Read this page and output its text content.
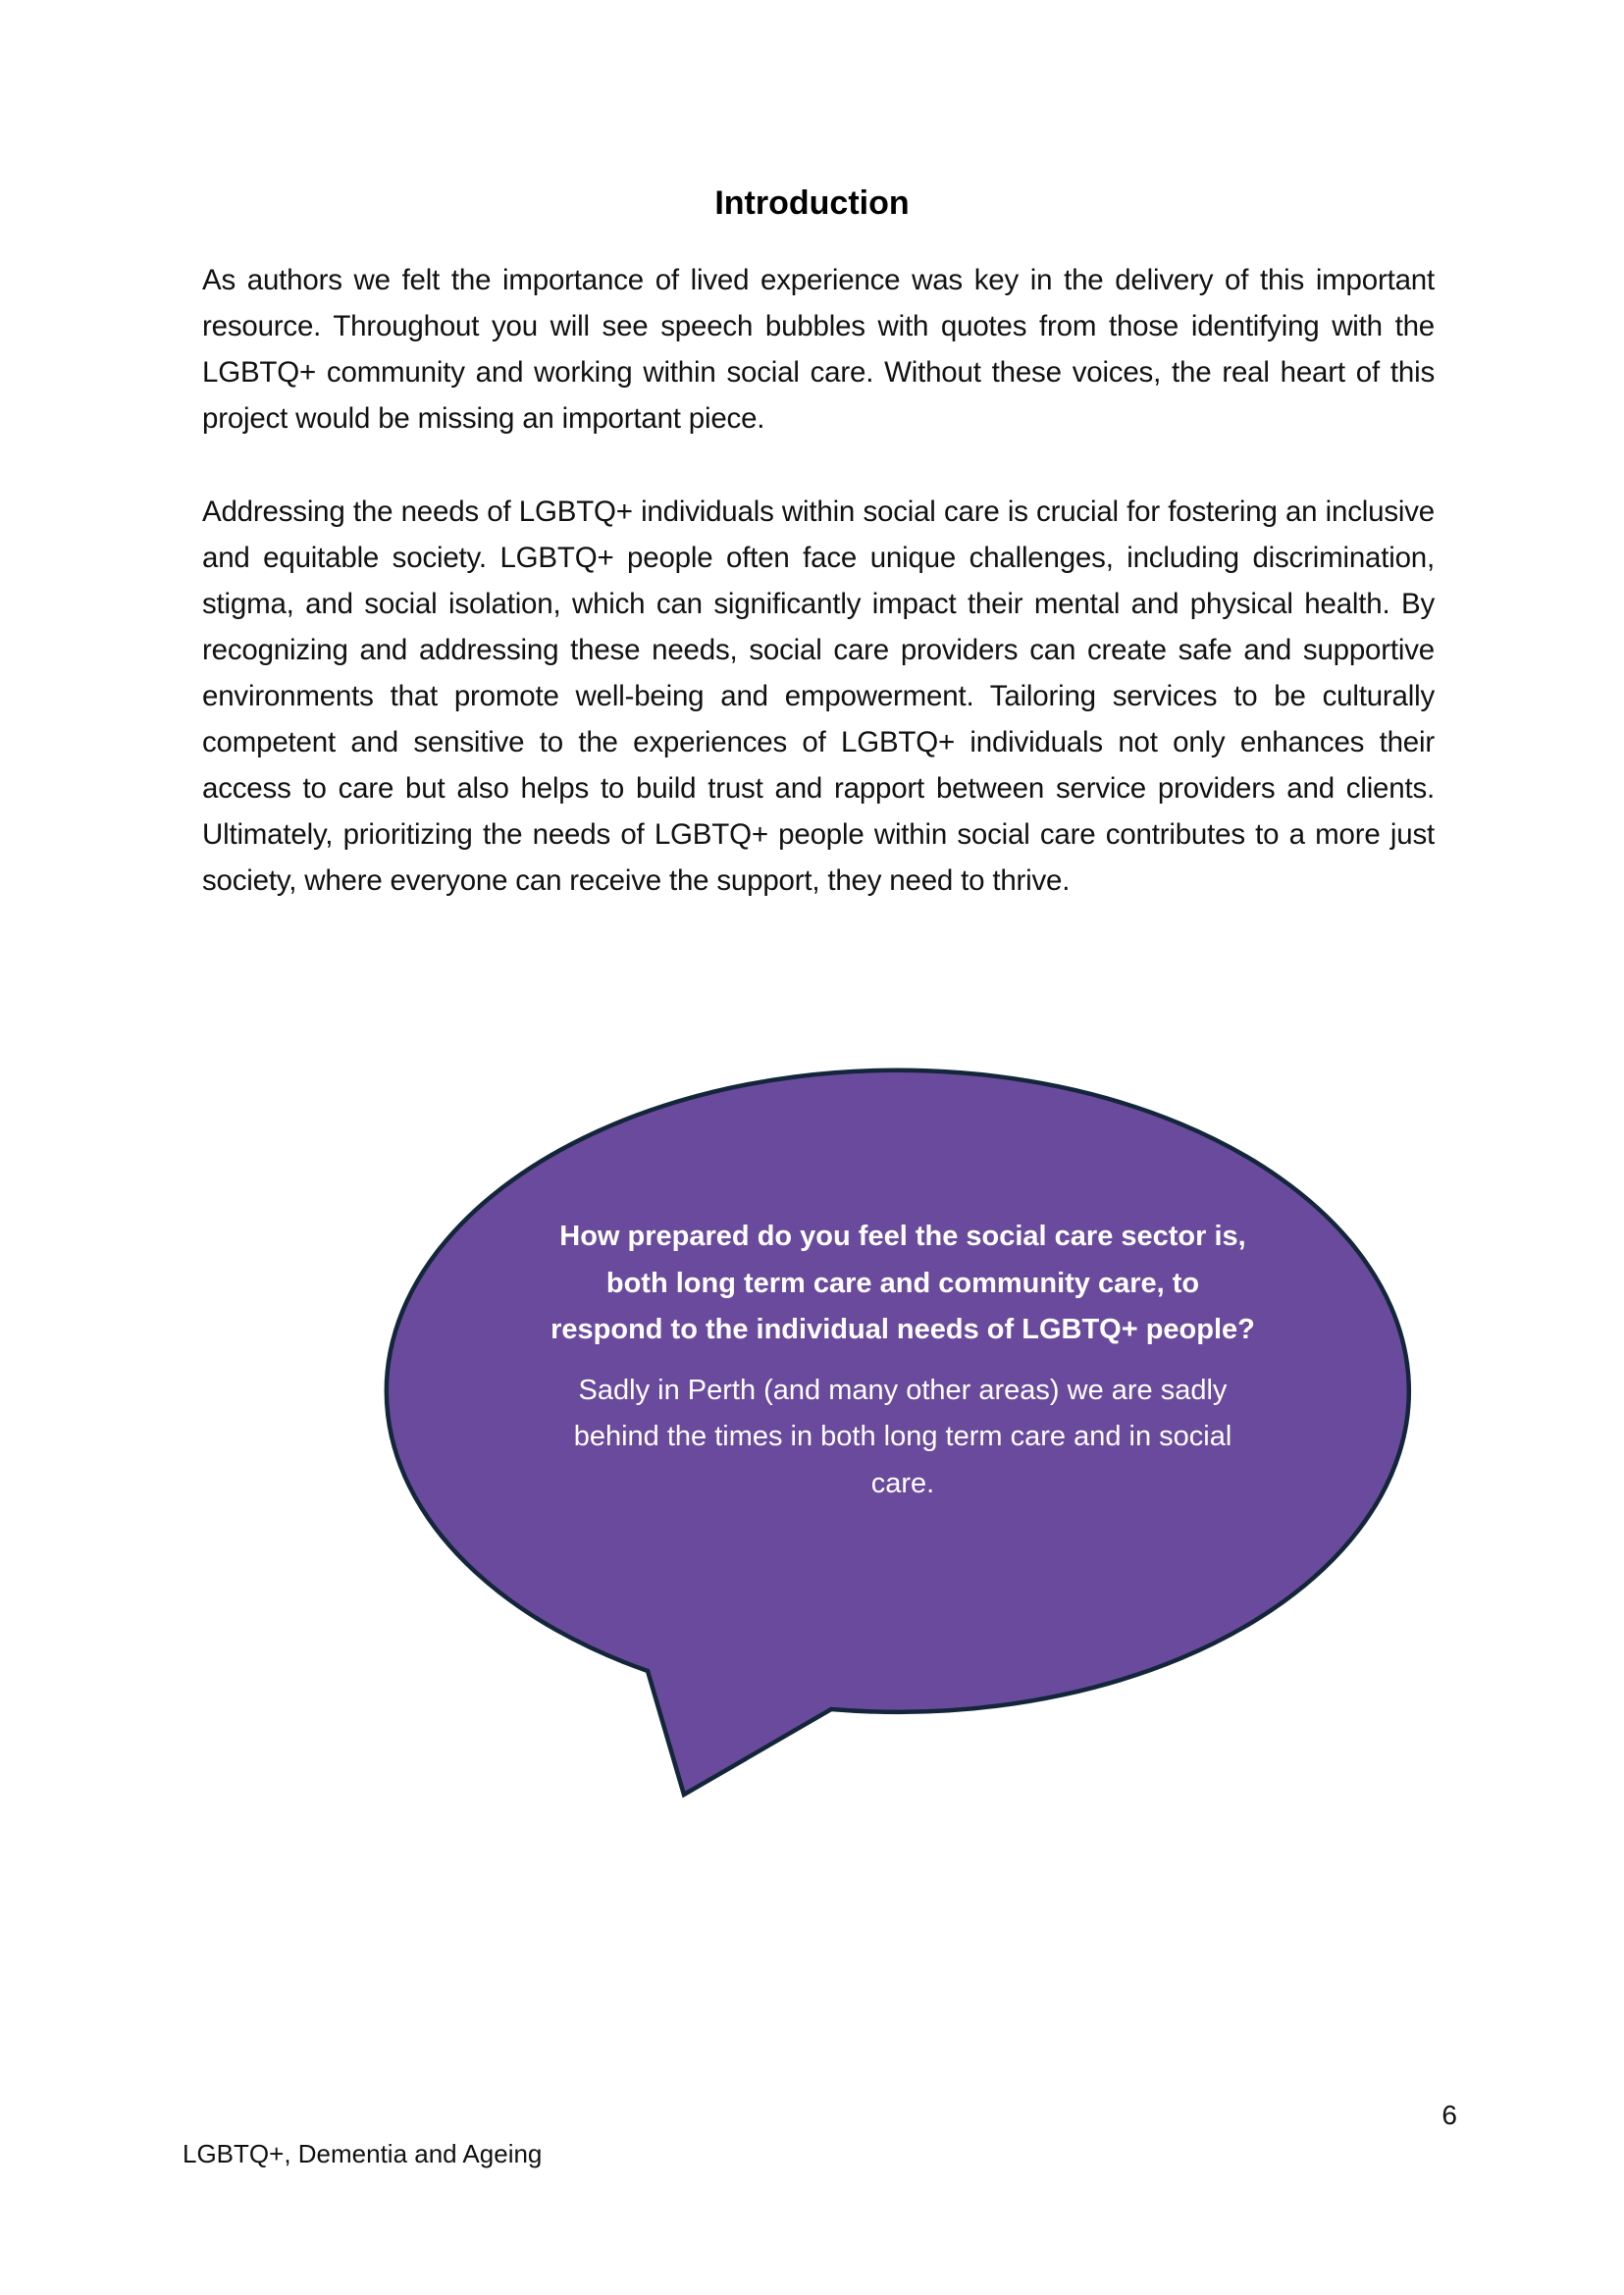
Introduction

As authors we felt the importance of lived experience was key in the delivery of this important resource. Throughout you will see speech bubbles with quotes from those identifying with the LGBTQ+ community and working within social care. Without these voices, the real heart of this project would be missing an important piece.

Addressing the needs of LGBTQ+ individuals within social care is crucial for fostering an inclusive and equitable society. LGBTQ+ people often face unique challenges, including discrimination, stigma, and social isolation, which can significantly impact their mental and physical health. By recognizing and addressing these needs, social care providers can create safe and supportive environments that promote well-being and empowerment. Tailoring services to be culturally competent and sensitive to the experiences of LGBTQ+ individuals not only enhances their access to care but also helps to build trust and rapport between service providers and clients. Ultimately, prioritizing the needs of LGBTQ+ people within social care contributes to a more just society, where everyone can receive the support, they need to thrive.

How prepared do you feel the social care sector is, both long term care and community care, to respond to the individual needs of LGBTQ+ people?

Sadly in Perth (and many other areas) we are sadly behind the times in both long term care and in social care.

6
LGBTQ+, Dementia and Ageing
